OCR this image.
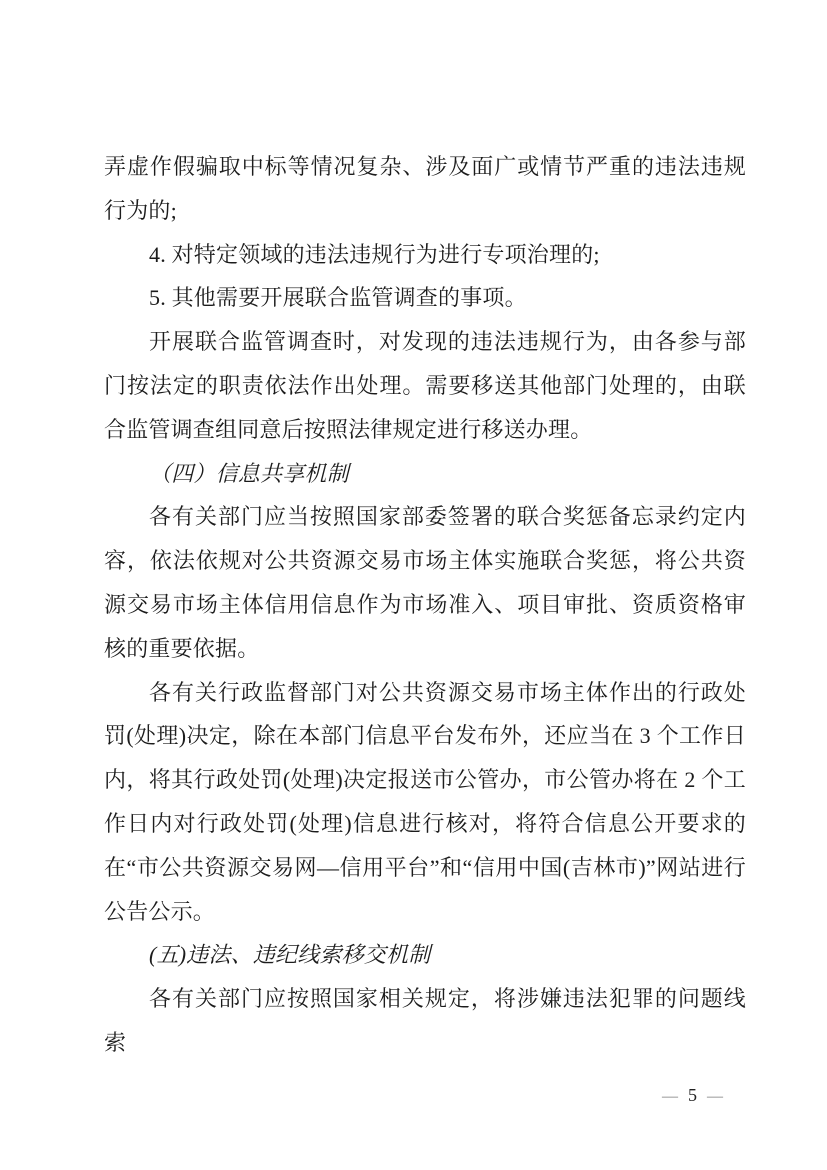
弄虚作假骗取中标等情况复杂、涉及面广或情节严重的违法违规行为的;

4. 对特定领域的违法违规行为进行专项治理的;

5. 其他需要开展联合监管调查的事项。

开展联合监管调查时，对发现的违法违规行为，由各参与部门按法定的职责依法作出处理。需要移送其他部门处理的，由联合监管调查组同意后按照法律规定进行移送办理。

（四）信息共享机制

各有关部门应当按照国家部委签署的联合奖惩备忘录约定内容，依法依规对公共资源交易市场主体实施联合奖惩，将公共资源交易市场主体信用信息作为市场准入、项目审批、资质资格审核的重要依据。

各有关行政监督部门对公共资源交易市场主体作出的行政处罚(处理)决定，除在本部门信息平台发布外，还应当在 3 个工作日内，将其行政处罚(处理)决定报送市公管办，市公管办将在 2 个工作日内对行政处罚(处理)信息进行核对，将符合信息公开要求的在“市公共资源交易网—信用平台”和“信用中国(吉林市)”网站进行公告公示。

(五)违法、违纪线索移交机制

各有关部门应按照国家相关规定，将涉嫌违法犯罪的问题线索

— 5 —
